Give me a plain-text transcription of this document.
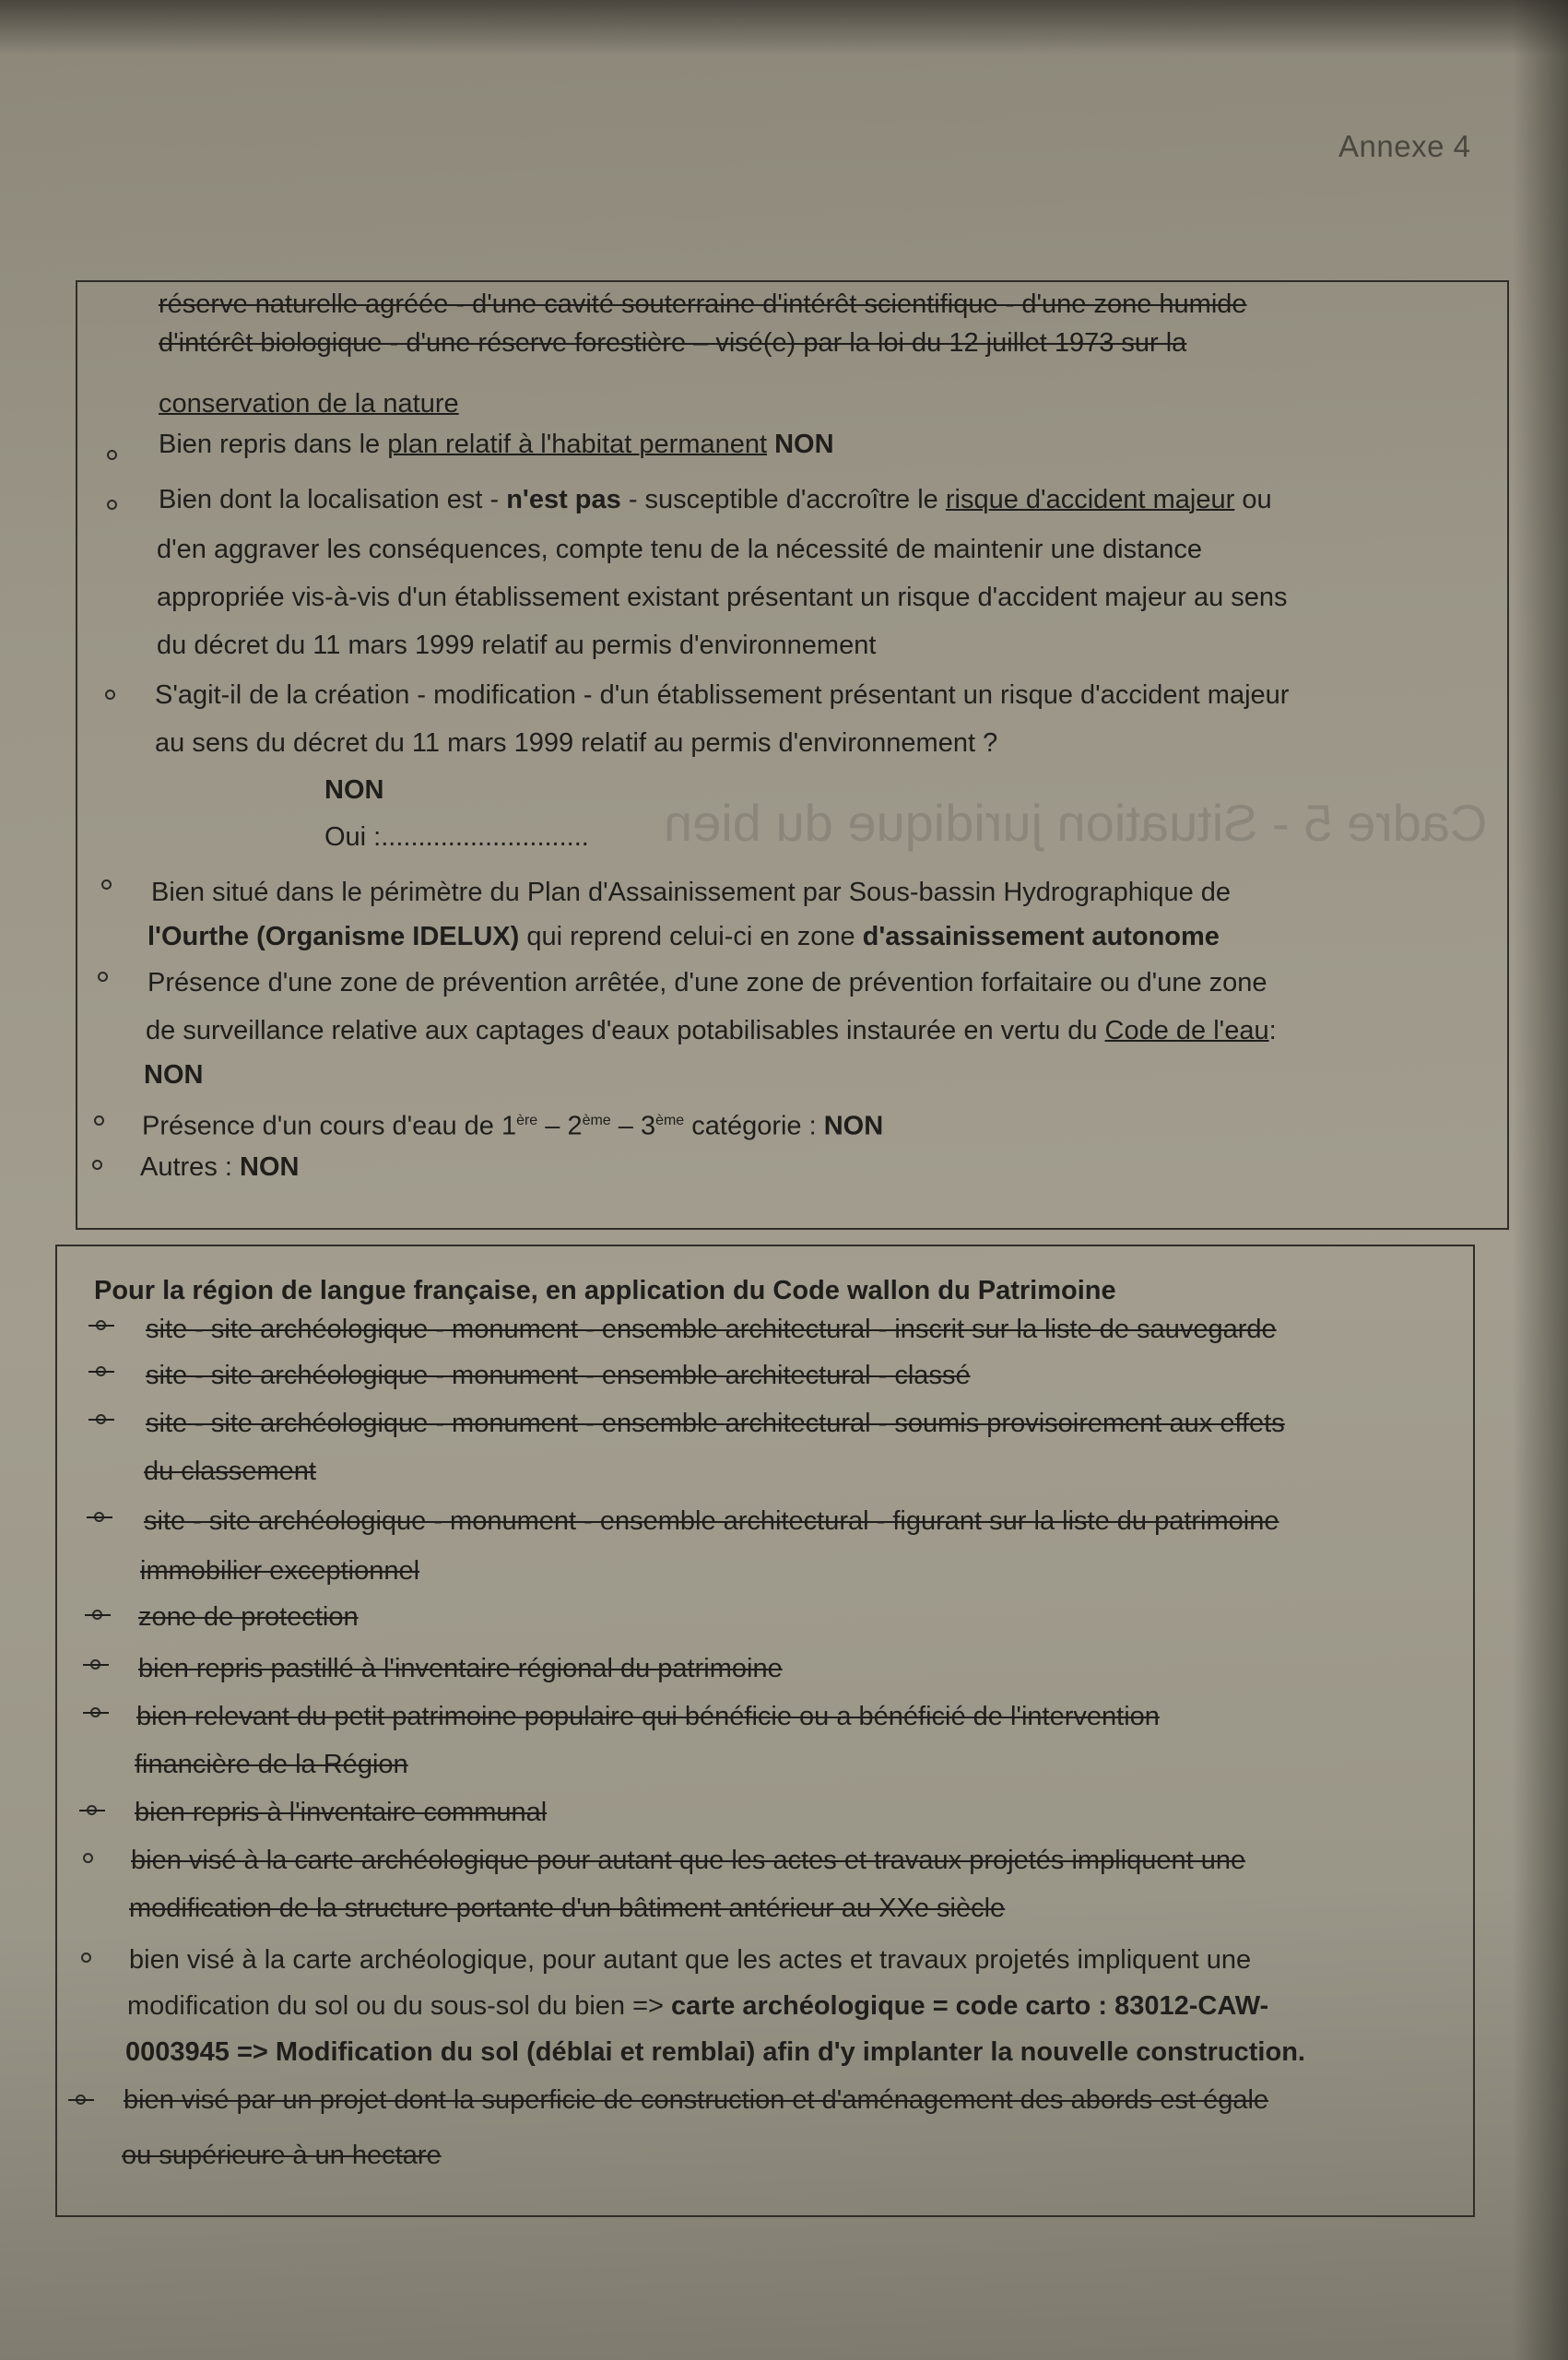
Cadre 5 - Situation juridique du bien
Annexe 4
réserve naturelle agréée - d'une cavité souterraine d'intérêt scientifique - d'une zone humide
d'intérêt biologique - d'une réserve forestière – visé(e) par la loi du 12 juillet 1973 sur la
conservation de la nature
Bien repris dans le plan relatif à l'habitat permanent NON
Bien dont la localisation est - n'est pas - susceptible d'accroître le risque d'accident majeur ou
d'en aggraver les conséquences, compte tenu de la nécessité de maintenir une distance
appropriée vis-à-vis d'un établissement existant présentant un risque d'accident majeur au sens
du décret du 11 mars 1999 relatif au permis d'environnement
S'agit-il de la création - modification - d'un établissement présentant un risque d'accident majeur
au sens du décret du 11 mars 1999 relatif au permis d'environnement ?
NON
Oui :............................
Bien situé dans le périmètre du Plan d'Assainissement par Sous-bassin Hydrographique de
l'Ourthe (Organisme IDELUX) qui reprend celui-ci en zone d'assainissement autonome
Présence d'une zone de prévention arrêtée, d'une zone de prévention forfaitaire ou d'une zone
de surveillance relative aux captages d'eaux potabilisables instaurée en vertu du Code de l'eau:
NON
Présence d'un cours d'eau de 1ère – 2ème – 3ème catégorie : NON
Autres : NON
Pour la région de langue française, en application du Code wallon du Patrimoine
site - site archéologique - monument - ensemble architectural - inscrit sur la liste de sauvegarde
site - site archéologique - monument - ensemble architectural - classé
site - site archéologique - monument - ensemble architectural - soumis provisoirement aux effets
du classement
site - site archéologique - monument - ensemble architectural - figurant sur la liste du patrimoine
immobilier exceptionnel
zone de protection
bien repris pastillé à l'inventaire régional du patrimoine
bien relevant du petit patrimoine populaire qui bénéficie ou a bénéficié de l'intervention
financière de la Région
bien repris à l'inventaire communal
bien visé à la carte archéologique pour autant que les actes et travaux projetés impliquent une
modification de la structure portante d'un bâtiment antérieur au XXe siècle
bien visé à la carte archéologique, pour autant que les actes et travaux projetés impliquent une
modification du sol ou du sous-sol du bien => carte archéologique = code carto : 83012-CAW-
0003945 => Modification du sol (déblai et remblai) afin d'y implanter la nouvelle construction.
bien visé par un projet dont la superficie de construction et d'aménagement des abords est égale
ou supérieure à un hectare
